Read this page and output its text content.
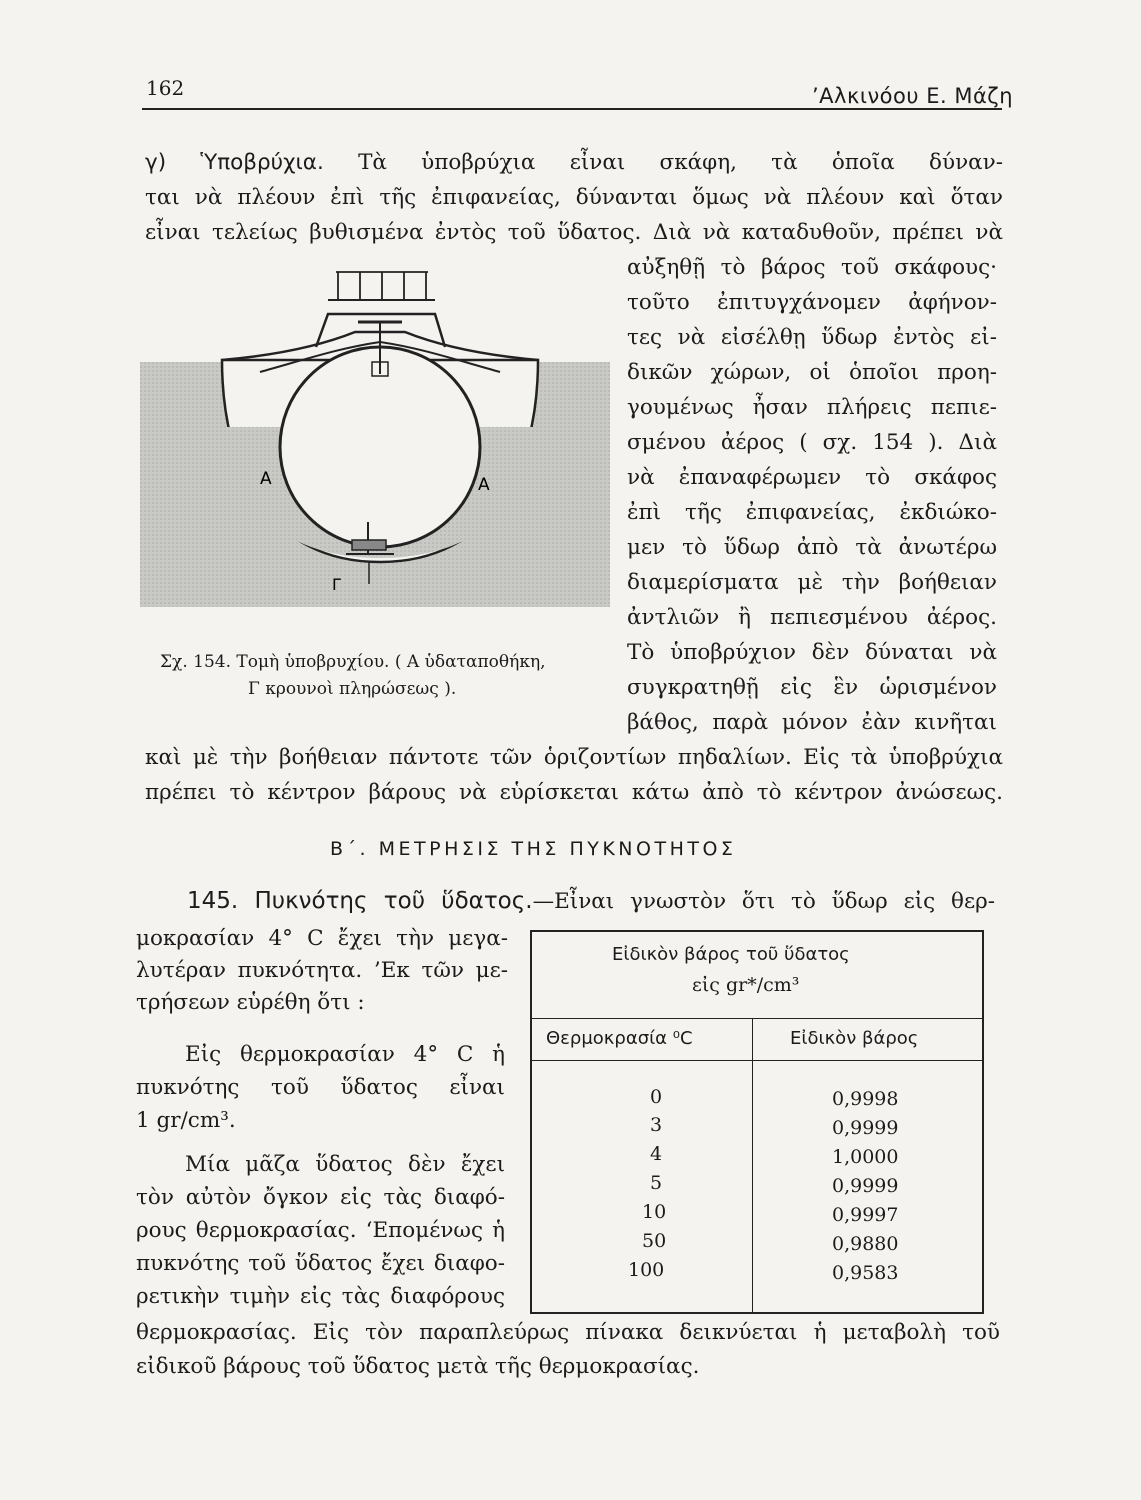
162	’Αλκινόου Ε. Μάζη
γ) Ὑποβρύχια. Τὰ ὑποβρύχια εἶναι σκάφη, τὰ ὁποῖα δύναν-
ται νὰ πλέουν ἐπὶ τῆς ἐπιφανείας, δύνανται ὅμως νὰ πλέουν καὶ ὅταν
εἶναι τελείως βυθισμένα ἐντὸς τοῦ ὕδατος. Διὰ νὰ καταδυθοῦν, πρέπει νὰ
αὐξηθῇ τὸ βάρος τοῦ σκάφους·
τοῦτο ἐπιτυγχάνομεν ἀφήνον-
τες νὰ εἰσέλθῃ ὕδωρ ἐντὸς εἰ-
δικῶν χώρων, οἱ ὁποῖοι προη-
γουμένως ἦσαν πλήρεις πεπιε-
σμένου ἀέρος ( σχ. 154 ). Διὰ
νὰ ἐπαναφέρωμεν τὸ σκάφος
ἐπὶ τῆς ἐπιφανείας, ἐκδιώκο-
μεν τὸ ὕδωρ ἀπὸ τὰ ἀνωτέρω
διαμερίσματα μὲ τὴν βοήθειαν
ἀντλιῶν ἢ πεπιεσμένου ἀέρος.
Τὸ ὑποβρύχιον δὲν δύναται νὰ
συγκρατηθῇ εἰς ἓν ὡρισμένον
βάθος, παρὰ μόνον ἐὰν κινῆται
καὶ μὲ τὴν βοήθειαν πάντοτε τῶν ὁριζοντίων πηδαλίων. Εἰς τὰ ὑποβρύχια
πρέπει τὸ κέντρον βάρους νὰ εὑρίσκεται κάτω ἀπὸ τὸ κέντρον ἀνώσεως.
Α	Α
Γ
Σχ. 154. Τομὴ ὑποβρυχίου. ( Α ὑδαταποθήκη,
Γ κρουνοὶ πληρώσεως ).
Β΄. ΜΕΤΡΗΣΙΣ ΤΗΣ ΠΥΚΝΟΤΗΤΟΣ
145. Πυκνότης τοῦ ὕδατος.—Εἶναι γνωστὸν ὅτι τὸ ὕδωρ εἰς θερ-
μοκρασίαν 4° C ἔχει τὴν μεγα-
λυτέραν πυκνότητα. ’Εκ τῶν με-
τρήσεων εὑρέθη ὅτι :
Εἰς θερμοκρασίαν 4° C ἡ
πυκνότης τοῦ ὕδατος εἶναι
1 gr/cm³.
Μία μᾶζα ὕδατος δὲν ἔχει
τὸν αὐτὸν ὄγκον εἰς τὰς διαφό-
ρους θερμοκρασίας. ‘Επομένως ἡ
πυκνότης τοῦ ὕδατος ἔχει διαφο-
ρετικὴν τιμὴν εἰς τὰς διαφόρους
θερμοκρασίας. Εἰς τὸν παραπλεύρως πίνακα δεικνύεται ἡ μεταβολὴ τοῦ
εἰδικοῦ βάρους τοῦ ὕδατος μετὰ τῆς θερμοκρασίας.
Εἰδικὸν βάρος τοῦ ὕδατος
εἰς gr*/cm³
Θερμοκρασία ⁰C	Εἰδικὸν βάρος
0	0,9998
3	0,9999
4	1,0000
5	0,9999
10	0,9997
50	0,9880
100	0,9583
